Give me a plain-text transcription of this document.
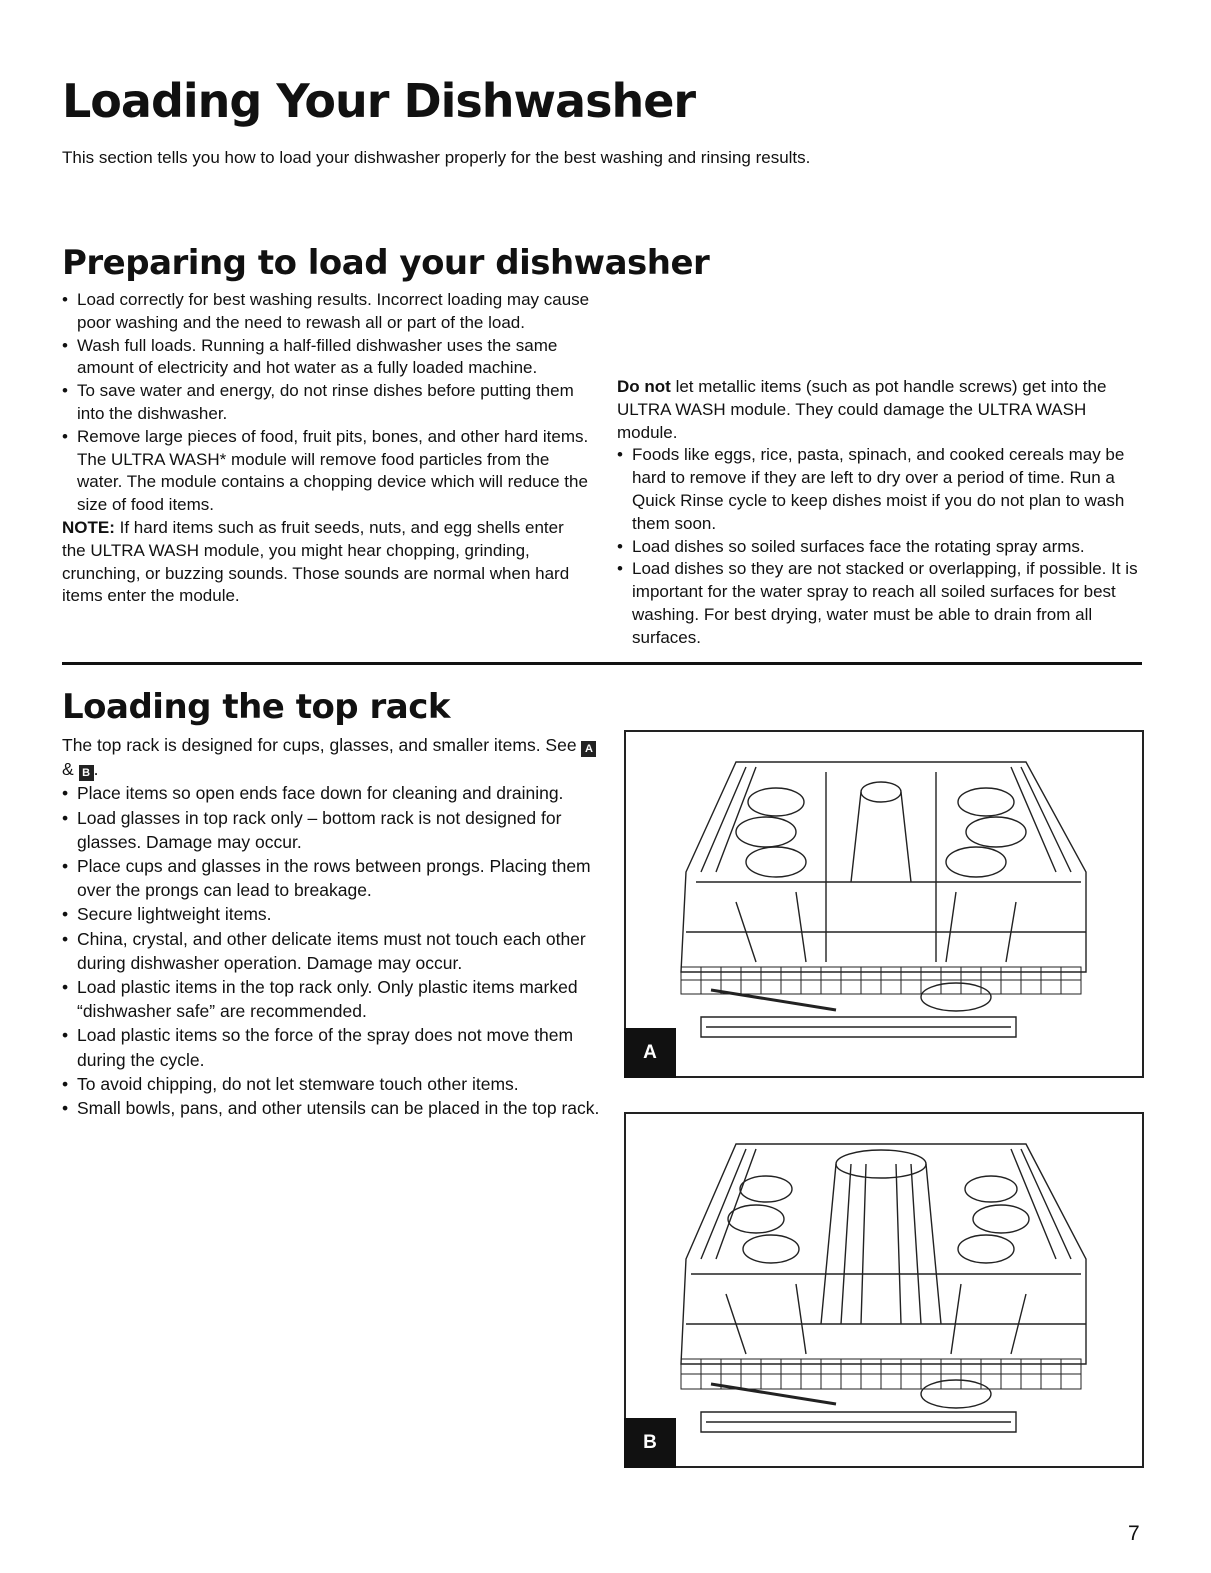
Loading Your Dishwasher
This section tells you how to load your dishwasher properly for the best washing and rinsing results.
Preparing to load your dishwasher
• Load correctly for best washing results. Incorrect loading may cause poor washing and the need to rewash all or part of the load.
• Wash full loads. Running a half-filled dishwasher uses the same amount of electricity and hot water as a fully loaded machine.
• To save water and energy, do not rinse dishes before putting them into the dishwasher.
• Remove large pieces of food, fruit pits, bones, and other hard items. The ULTRA WASH* module will remove food particles from the water. The module contains a chopping device which will reduce the size of food items.

NOTE: If hard items such as fruit seeds, nuts, and egg shells enter the ULTRA WASH module, you might hear chopping, grinding, crunching, or buzzing sounds. Those sounds are normal when hard items enter the module.

Do not let metallic items (such as pot handle screws) get into the ULTRA WASH module. They could damage the ULTRA WASH module.

• Foods like eggs, rice, pasta, spinach, and cooked cereals may be hard to remove if they are left to dry over a period of time. Run a Quick Rinse cycle to keep dishes moist if you do not plan to wash them soon.
• Load dishes so soiled surfaces face the rotating spray arms.
• Load dishes so they are not stacked or overlapping, if possible. It is important for the water spray to reach all soiled surfaces for best washing. For best drying, water must be able to drain from all surfaces.
Loading the top rack

The top rack is designed for cups, glasses, and smaller items. See A & B .

• Place items so open ends face down for cleaning and draining.
• Load glasses in top rack only – bottom rack is not designed for glasses. Damage may occur.
• Place cups and glasses in the rows between prongs. Placing them over the prongs can lead to breakage.
• Secure lightweight items.
• China, crystal, and other delicate items must not touch each other during dishwasher operation. Damage may occur.
• Load plastic items in the top rack only. Only plastic items marked “dishwasher safe” are recommended.
• Load plastic items so the force of the spray does not move them during the cycle.
• To avoid chipping, do not let stemware touch other items.
• Small bowls, pans, and other utensils can be placed in the top rack.
A
B
7
